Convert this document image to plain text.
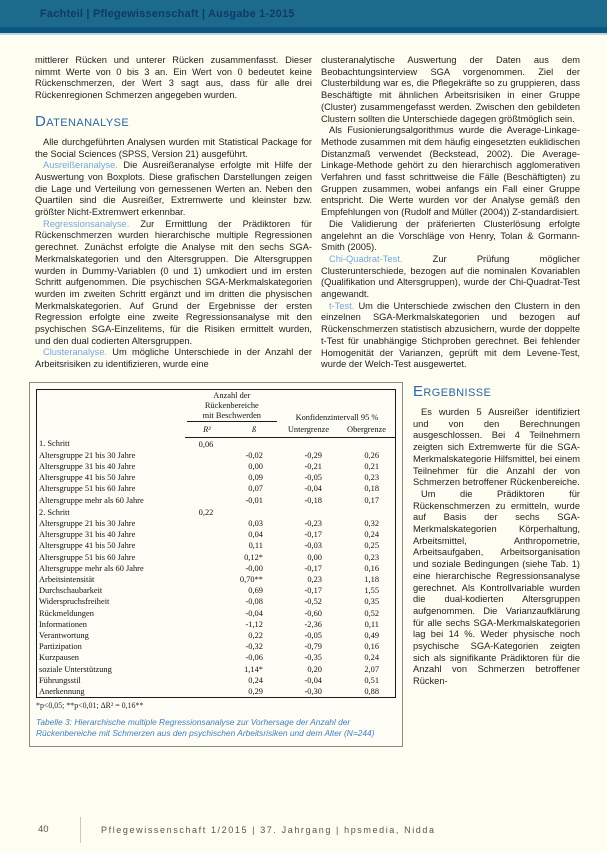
Fachteil | Pflegewissenschaft | Ausgabe 1-2015

mittlerer Rücken und unterer Rücken zusammenfasst. Dieser nimmt Werte von 0 bis 3 an. Ein Wert von 0 bedeutet keine Rückenschmerzen, der Wert 3 sagt aus, dass für alle drei Rückenregionen Schmerzen angegeben wurden.

Datenanalyse

Alle durchgeführten Analysen wurden mit Statistical Package for the Social Sciences (SPSS, Version 21) ausgeführt.

Ausreißeranalyse. Die Ausreißeranalyse erfolgte mit Hilfe der Auswertung von Boxplots. Diese grafischen Darstellungen zeigen die Lage und Verteilung von gemessenen Werten an. Neben den Quartilen sind die Ausreißer, Extremwerte und kleinster bzw. größter Nicht-Extremwert erkennbar.

Regressionsanalyse. Zur Ermittlung der Prädiktoren für Rückenschmerzen wurden hierarchische multiple Regressionen gerechnet. Zunächst erfolgte die Analyse mit den sechs SGA-Merkmalskategorien und den Altersgruppen. Die Altersgruppen wurden in Dummy-Variablen (0 und 1) umkodiert und im ersten Schritt aufgenommen. Die psychischen SGA-Merkmalskategorien wurden im zweiten Schritt ergänzt und im dritten die physischen Merkmalskategorien. Auf Grund der Ergebnisse der ersten Regression erfolgte eine zweite Regressionsanalyse mit den psychischen SGA-Einzelitems, für die Risiken ermittelt wurden, und den dual codierten Altersgruppen.

Clusteranalyse. Um mögliche Unterschiede in der Anzahl der Arbeitsrisiken zu identifizieren, wurde eine

clusteranalytische Auswertung der Daten aus dem Beobachtungsinterview SGA vorgenommen. Ziel der Clusterbildung war es, die Pflegekräfte so zu gruppieren, dass Beschäftigte mit ähnlichen Arbeitsrisiken in einer Gruppe (Cluster) zusammengefasst werden. Zwischen den gebildeten Clustern sollten die Unterschiede dagegen größtmöglich sein.

Als Fusionierungsalgorithmus wurde die Average-Linkage-Methode zusammen mit dem häufig eingesetzten euklidischen Distanzmaß verwendet (Beckstead, 2002). Die Average-Linkage-Methode gehört zu den hierarchisch agglomerativen Verfahren und fasst schrittweise die Fälle (Beschäftigten) zu Gruppen zusammen, wobei anfangs ein Fall einer Gruppe entspricht. Die Werte wurden vor der Analyse gemäß den Empfehlungen von (Rudolf and Müller (2004)) Z-standardisiert.

Die Validierung der präferierten Clusterlösung erfolgte angelehnt an die Vorschläge von Henry, Tolan & Gormann-Smith (2005).

Chi-Quadrat-Test.	Zur Prüfung möglicher Clusterunterschiede, bezogen auf die nominalen Kovariablen (Qualifikation und Altersgruppen), wurde der Chi-Quadrat-Test angewandt.

t-Test. Um die Unterschiede zwischen den Clustern in den einzelnen SGA-Merkmalskategorien und bezogen auf Rückenschmerzen statistisch abzusichern, wurde der doppelte t-Test für unabhängige Stichproben gerechnet. Bei fehlender Homogenität der Varianzen, geprüft mit dem Levene-Test, wurde der Welch-Test ausgewertet.

	Anzahl der Rückenbereiche
mit Beschwerden		Konfidenzintervall 95 %	
	R²	ß	Untergrenze	Obergrenze
1. Schritt	0,06			
Altersgruppe 21 bis 30 Jahre		-0,02	-0,29	0,26
Altersgruppe 31 bis 40 Jahre		0,00	-0,21	0,21
Altersgruppe 41 bis 50 Jahre		0,09	-0,05	0,23
Altersgruppe 51 bis 60 Jahre		0,07	-0,04	0,18
Altersgruppe mehr als 60 Jahre		-0,01	-0,18	0,17
2. Schritt	0,22			
Altersgruppe 21 bis 30 Jahre		0,03	-0,23	0,32
Altersgruppe 31 bis 40 Jahre		0,04	-0,17	0,24
Altersgruppe 41 bis 50 Jahre		0,11	-0,03	0,25
Altersgruppe 51 bis 60 Jahre		0,12*	0,00	0,23
Altersgruppe mehr als 60 Jahre		-0,00	-0,17	0,16
Arbeitsintensität		0,70**	0,23	1,18
Durchschaubarkeit		0,69	-0,17	1,55
Widerspruchsfreiheit		-0,08	-0,52	0,35
Rückmeldungen		-0,04	-0,60	0,52
Informationen		-1,12	-2,36	0,11
Verantwortung		0,22	-0,05	0,49
Partizipation		-0,32	-0,79	0,16
Kurzpausen		-0,06	-0,35	0,24
soziale Unterstützung		1,14*	0,20	2,07
Führungsstil		0,24	-0,04	0,51
Anerkennung		0,29	-0,30	0,88
*p<0,05; **p<0,01; ΔR² = 0,16**
Tabelle 3: Hierarchische multiple Regressionsanalyse zur Vorhersage der Anzahl der Rückenbereiche mit Schmerzen aus den psychischen Arbeitsrisiken und dem Alter (N=244)
Ergebnisse

Es wurden 5 Ausreißer identifiziert und von den Berechnungen ausgeschlossen. Bei 4 Teilnehmern zeigten sich Extremwerte für die SGA-Merkmalskategorie Hilfsmittel, bei einem Teilnehmer für die Anzahl der von Schmerzen betroffener Rückenbereiche.

Um die Prädiktoren für Rückenschmerzen zu ermitteln, wurde auf Basis der sechs SGA-Merkmalskategorien Körperhaltung, Arbeitsmittel, Anthropometrie, Arbeitsaufgaben, Arbeitsorganisation und soziale Bedingungen (siehe Tab. 1) eine hierarchische Regressionsanalyse gerechnet. Als Kontrollvariable wurden die dual-kodierten Altersgruppen aufgenommen. Die Varianzaufklärung für alle sechs SGA-Merkmalskategorien lag bei 14 %. Weder physische noch psychische SGA-Kategorien zeigten sich als signifikante Prädiktoren für die Anzahl von Schmerzen betroffener Rücken-

40	Pflegewissenschaft 1/2015 | 37. Jahrgang | hpsmedia, Nidda
